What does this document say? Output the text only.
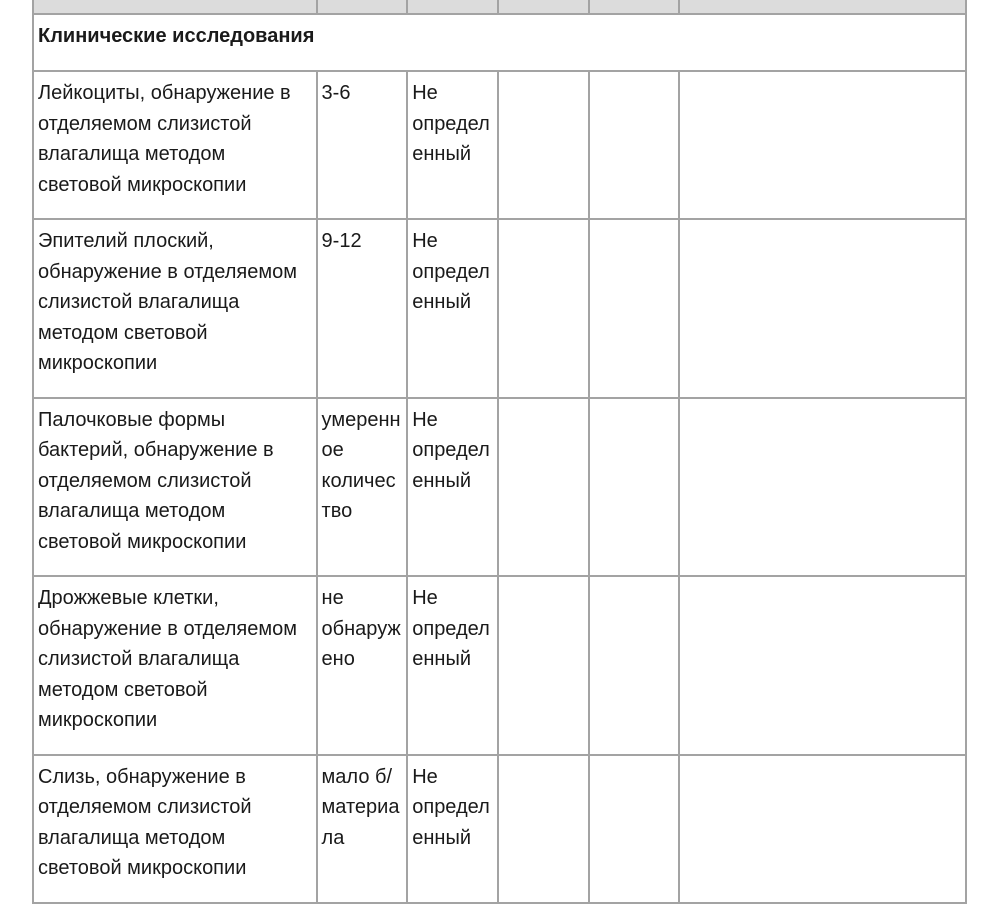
Клинические исследования					

Лейкоциты, обнаружение в отделяемом слизистой влагалища методом световой микроскопии	3-6	Не определенный			

Эпителий плоский, обнаружение в отделяемом слизистой влагалища методом световой микроскопии	9-12	Не определенный			

Палочковые формы бактерий, обнаружение в отделяемом слизистой влагалища методом световой микроскопии	умеренное количество	Не определенный			

Дрожжевые клетки, обнаружение в отделяемом слизистой влагалища методом световой микроскопии	не обнаружено	Не определенный			

Слизь, обнаружение в отделяемом слизистой влагалища методом световой микроскопии	мало б/материала	Не определенный			
